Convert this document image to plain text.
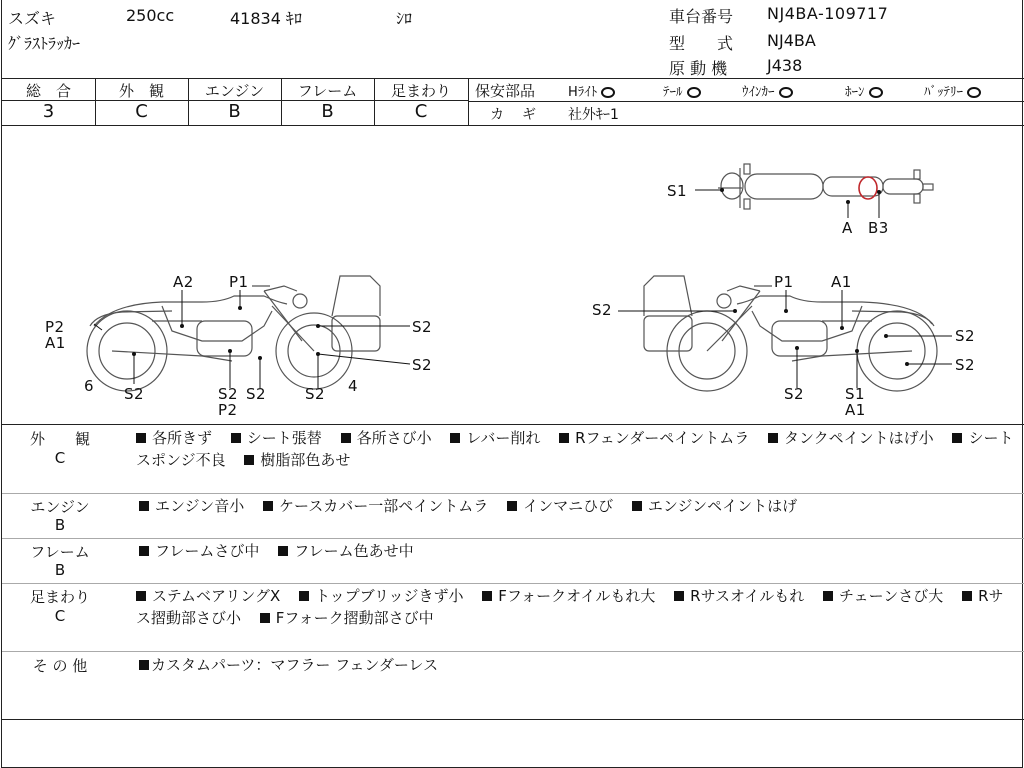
スズキ	250cc	41834 ｷﾛ	ｼﾛ
ｸﾞﾗｽﾄﾗｯｶｰ
車台番号 NJ4BA-109717
型　　式 NJ4BA
原 動 機 J438
総　合	外　観	エンジン	フレーム	足まわり
3	C	B	B	C
保安部品	Hﾗｲﾄ	ﾃｰﾙ	ｳｲﾝｶｰ	ﾎｰﾝ	ﾊﾞｯﾃﾘｰ
カ　ギ 社外ｷｰ1
S1
A B3
A2 P1
P2
A1
S2
S2
6 S2	S2 S2
P2
S2 4
P1 A1
S2
S2
S2
S2	S1
A1
外　　観
C
各所きず シート張替 各所さび小 レバー削れ Rフェンダーペイントムラ タンクペイントはげ小 シートスポンジ不良 樹脂部色あせ
エンジン
B
エンジン音小 ケースカバー一部ペイントムラ インマニひび エンジンペイントはげ
フレーム
B
フレームさび中 フレーム色あせ中
足まわり
C
ステムベアリングX トップブリッジきず小 Fフォークオイルもれ大 Rサスオイルもれ チェーンさび大 Rサス摺動部さび小 Fフォーク摺動部さび中
そ の 他	カスタムパーツ：マフラー フェンダーレス
